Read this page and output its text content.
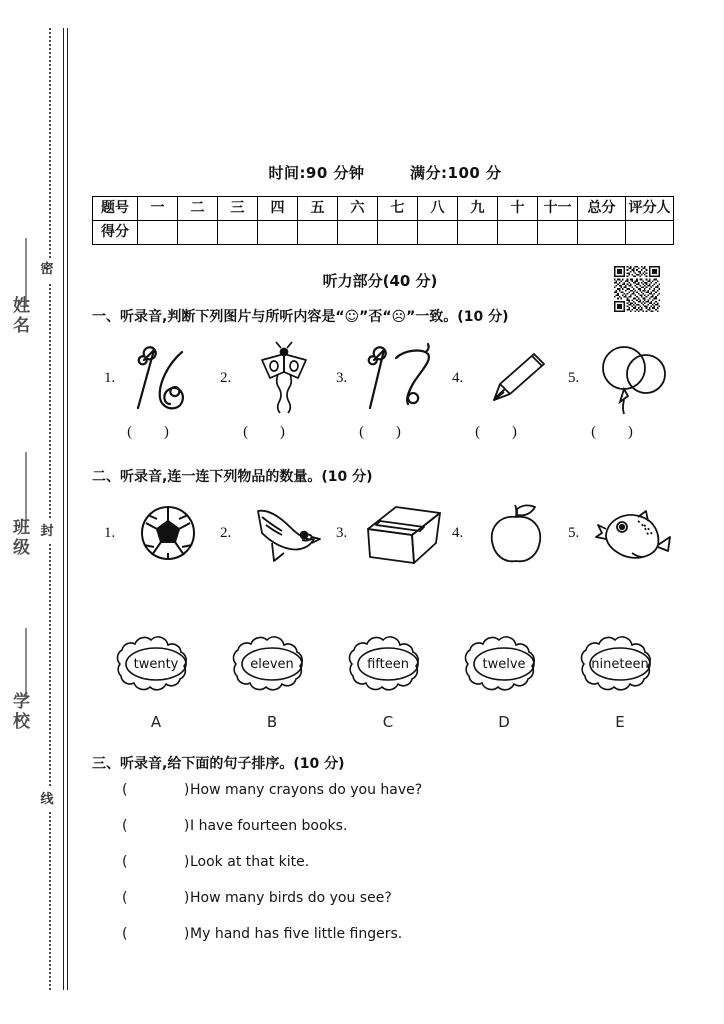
密
封
线
姓名
班级
学校
时间:90 分钟	满分:100 分
题号	一	二	三	四	五	六	七	八	九	十	十一	总分	评分人
得分													
听力部分(40 分)
一、听录音,判断下列图片与所听内容是“☺”否“☹”一致。(10 分)
1.	2.	3.	4.	5.
( )	( )	( )	( )	( )
二、听录音,连一连下列物品的数量。(10 分)
1.	2.	3.	4.	5.
twenty	eleven	fifteen	twelve	nineteen
A	B	C	D	E
三、听录音,给下面的句子排序。(10 分)
( )
How many crayons do you have?
( )
I have fourteen books.
( )
Look at that kite.
( )
How many birds do you see?
( )
My hand has five little fingers.
